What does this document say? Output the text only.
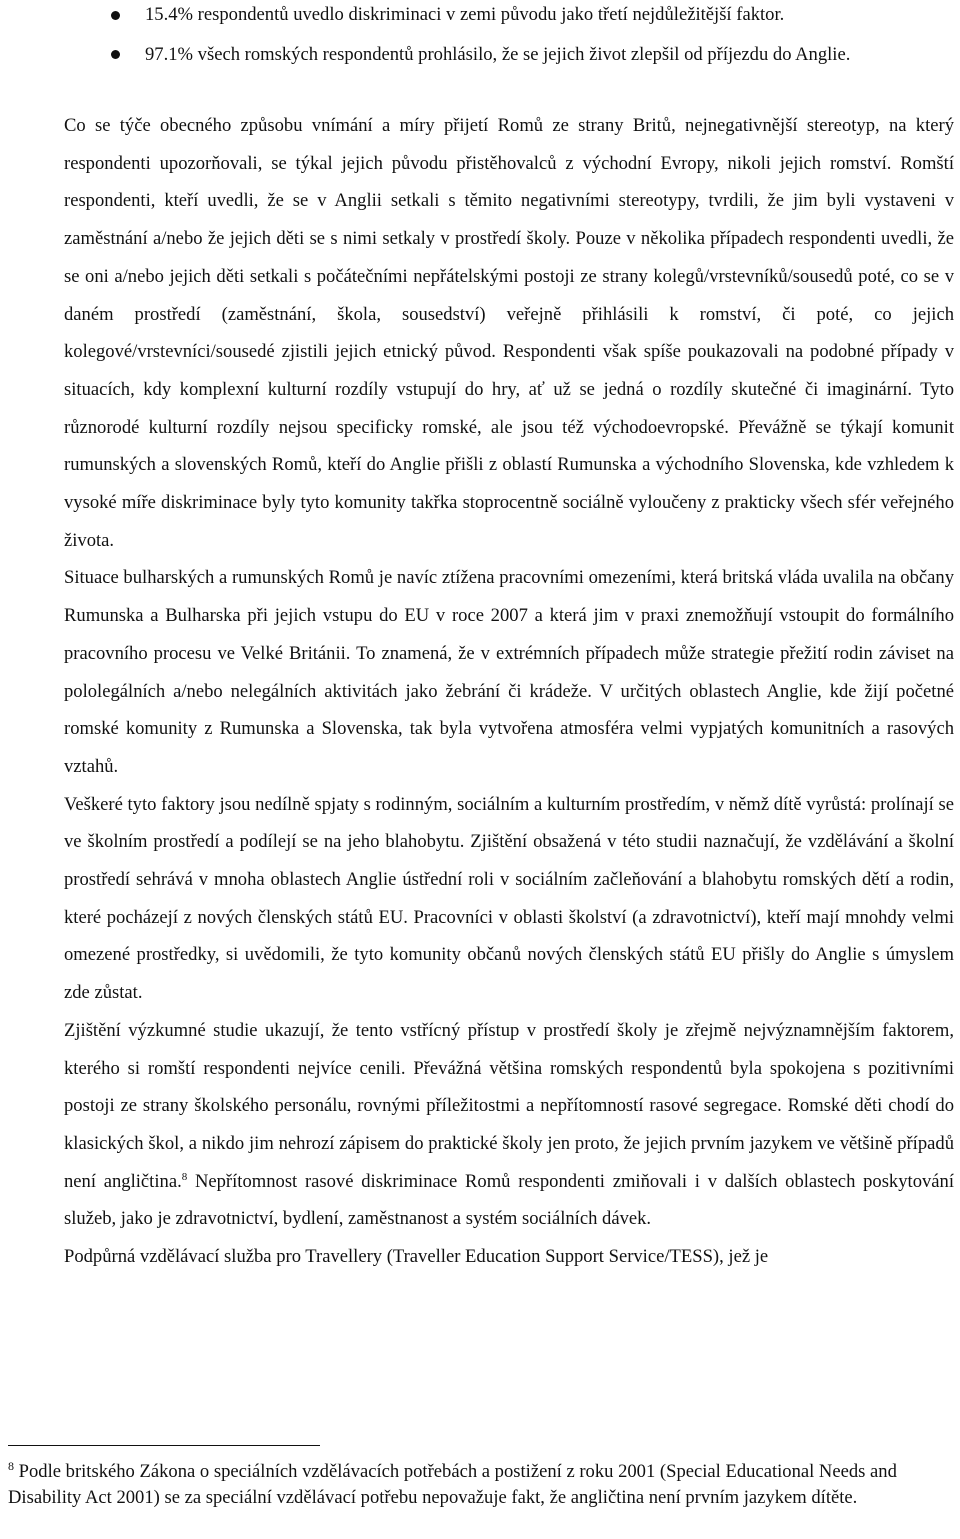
15.4% respondentů uvedlo diskriminaci v zemi původu jako třetí nejdůležitější faktor.
97.1% všech romských respondentů prohlásilo, že se jejich život zlepšil od příjezdu do Anglie.

Co se týče obecného způsobu vnímání a míry přijetí Romů ze strany Britů, nejnegativnější stereotyp, na který respondenti upozorňovali, se týkal jejich původu přistěhovalců z východní Evropy, nikoli jejich romství. Romští respondenti, kteří uvedli, že se v Anglii setkali s těmito negativními stereotypy, tvrdili, že jim byli vystaveni v zaměstnání a/nebo že jejich děti se s nimi setkaly v prostředí školy. Pouze v několika případech respondenti uvedli, že se oni a/nebo jejich děti setkali s počátečními nepřátelskými postoji ze strany kolegů/vrstevníků/sousedů poté, co se v daném prostředí (zaměstnání, škola, sousedství) veřejně přihlásili k romství, či poté, co jejich kolegové/vrstevníci/sousedé zjistili jejich etnický původ. Respondenti však spíše poukazovali na podobné případy v situacích, kdy komplexní kulturní rozdíly vstupují do hry, ať už se jedná o rozdíly skutečné či imaginární. Tyto různorodé kulturní rozdíly nejsou specificky romské, ale jsou též východoevropské. Převážně se týkají komunit rumunských a slovenských Romů, kteří do Anglie přišli z oblastí Rumunska a východního Slovenska, kde vzhledem k vysoké míře diskriminace byly tyto komunity takřka stoprocentně sociálně vyloučeny z prakticky všech sfér veřejného života.

Situace bulharských a rumunských Romů je navíc ztížena pracovními omezeními, která britská vláda uvalila na občany Rumunska a Bulharska při jejich vstupu do EU v roce 2007 a která jim v praxi znemožňují vstoupit do formálního pracovního procesu ve Velké Británii. To znamená, že v extrémních případech může strategie přežití rodin záviset na pololegálních a/nebo nelegálních aktivitách jako žebrání či krádeže. V určitých oblastech Anglie, kde žijí početné romské komunity z Rumunska a Slovenska, tak byla vytvořena atmosféra velmi vypjatých komunitních a rasových vztahů.

Veškeré tyto faktory jsou nedílně spjaty s rodinným, sociálním a kulturním prostředím, v němž dítě vyrůstá: prolínají se ve školním prostředí a podílejí se na jeho blahobytu. Zjištění obsažená v této studii naznačují, že vzdělávání a školní prostředí sehrává v mnoha oblastech Anglie ústřední roli v sociálním začleňování a blahobytu romských dětí a rodin, které pocházejí z nových členských států EU. Pracovníci v oblasti školství (a zdravotnictví), kteří mají mnohdy velmi omezené prostředky, si uvědomili, že tyto komunity občanů nových členských států EU přišly do Anglie s úmyslem zde zůstat.

Zjištění výzkumné studie ukazují, že tento vstřícný přístup v prostředí školy je zřejmě nejvýznamnějším faktorem, kterého si romští respondenti nejvíce cenili. Převážná většina romských respondentů byla spokojena s pozitivními postoji ze strany školského personálu, rovnými příležitostmi a nepřítomností rasové segregace. Romské děti chodí do klasických škol, a nikdo jim nehrozí zápisem do praktické školy jen proto, že jejich prvním jazykem ve většině případů není angličtina.$^8$ Nepřítomnost rasové diskriminace Romů respondenti zmiňovali i v dalších oblastech poskytování služeb, jako je zdravotnictví, bydlení, zaměstnanost a systém sociálních dávek.

Podpůrná vzdělávací služba pro Travellery (Traveller Education Support Service/TESS), jež je

$^8$ Podle britského Zákona o speciálních vzdělávacích potřebách a postižení z roku 2001 (Special Educational Needs and Disability Act 2001) se za speciální vzdělávací potřebu nepovažuje fakt, že angličtina není prvním jazykem dítěte.
